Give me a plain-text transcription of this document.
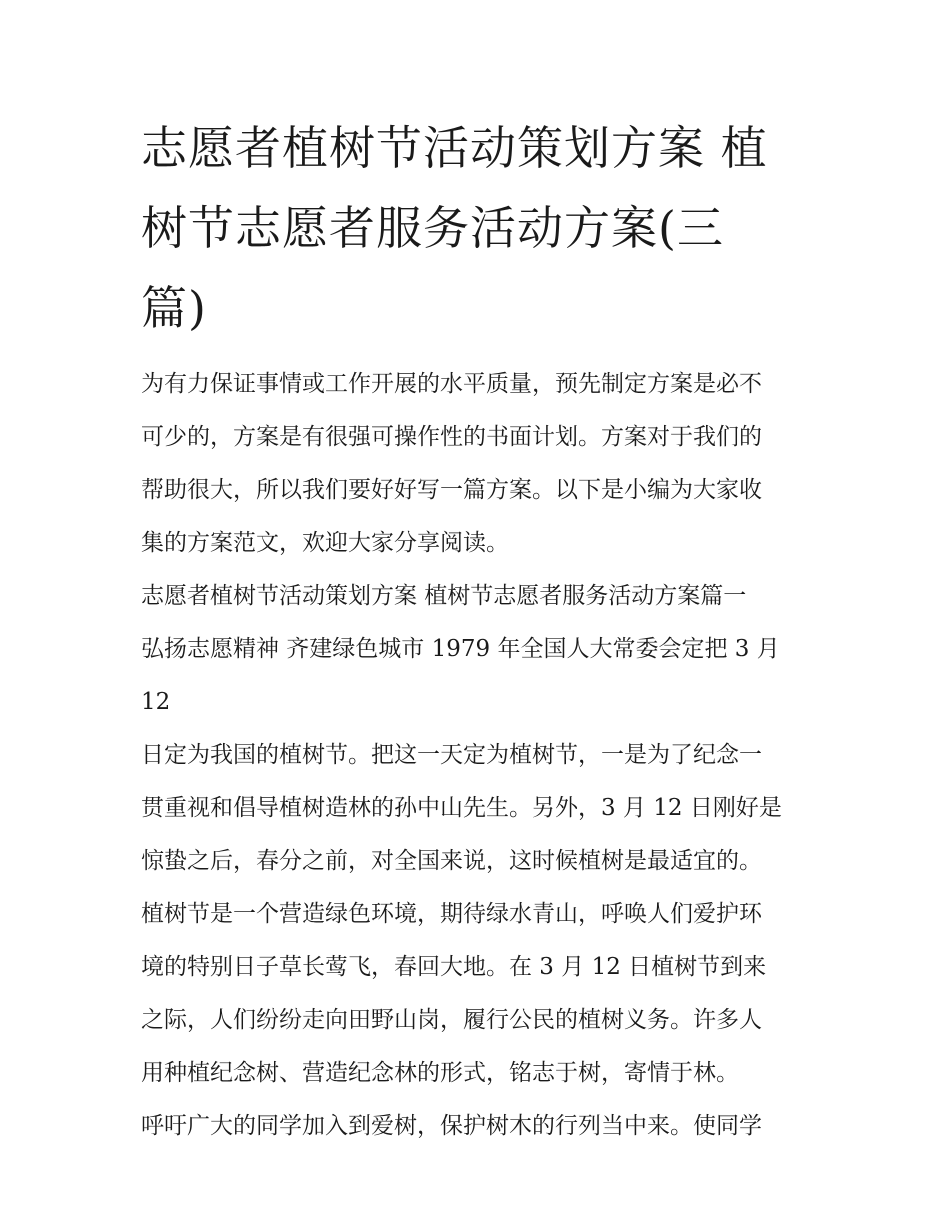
志愿者植树节活动策划方案 植
树节志愿者服务活动方案(三
篇)

为有力保证事情或工作开展的水平质量，预先制定方案是必不

可少的，方案是有很强可操作性的书面计划。方案对于我们的

帮助很大，所以我们要好好写一篇方案。以下是小编为大家收

集的方案范文，欢迎大家分享阅读。

志愿者植树节活动策划方案 植树节志愿者服务活动方案篇一

弘扬志愿精神 齐建绿色城市 1979 年全国人大常委会定把 3 月

12

日定为我国的植树节。把这一天定为植树节，一是为了纪念一

贯重视和倡导植树造林的孙中山先生。另外，3 月 12 日刚好是

惊蛰之后，春分之前，对全国来说，这时候植树是最适宜的。

植树节是一个营造绿色环境，期待绿水青山，呼唤人们爱护环

境的特别日子草长莺飞，春回大地。在 3 月 12 日植树节到来

之际，人们纷纷走向田野山岗，履行公民的植树义务。许多人

用种植纪念树、营造纪念林的形式，铭志于树，寄情于林。

呼吁广大的同学加入到爱树，保护树木的行列当中来。使同学
